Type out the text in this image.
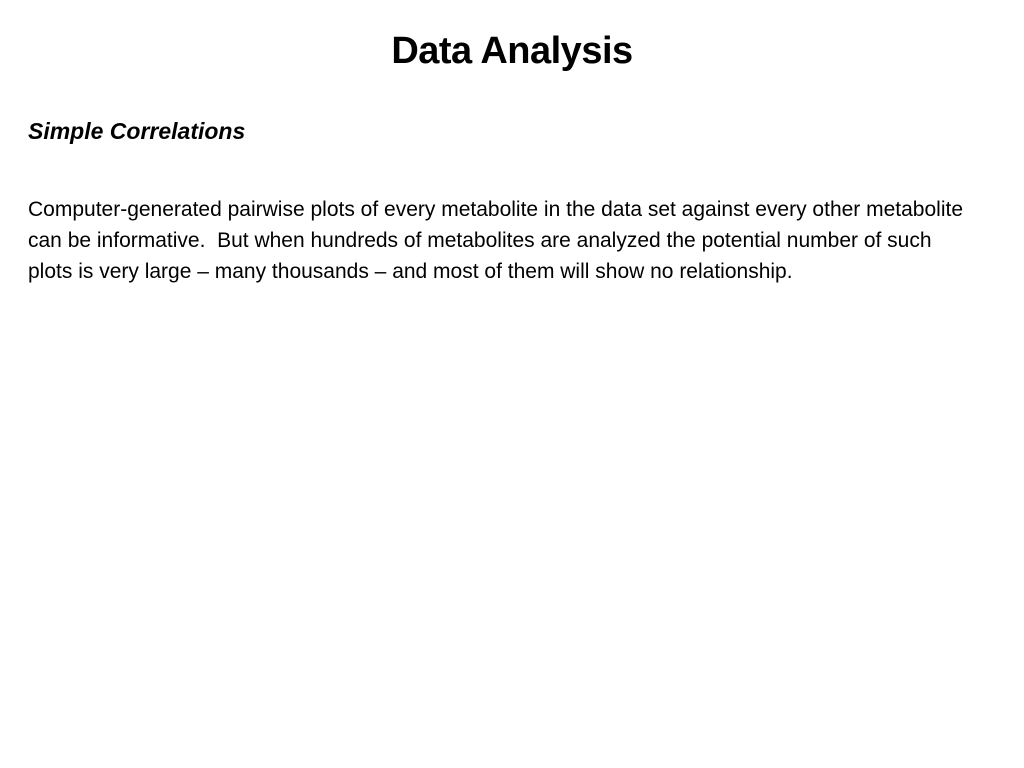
Data Analysis
Simple Correlations
Computer-generated pairwise plots of every metabolite in the data set against every other metabolite can be informative.  But when hundreds of metabolites are analyzed the potential number of such plots is very large – many thousands – and most of them will show no relationship.
